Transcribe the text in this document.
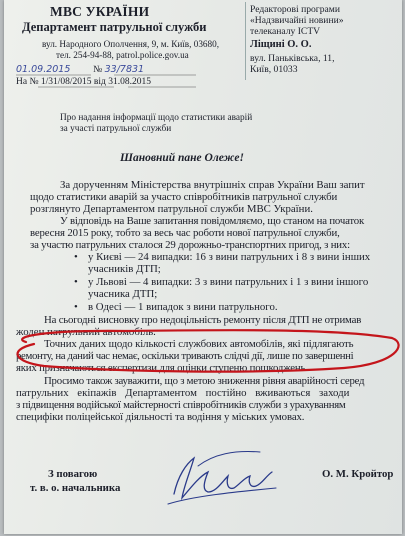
МВС УКРАЇНИ
Департамент патрульної служби
вул. Народного Ополчення, 9, м. Київ, 03680,
тел. 254-94-88, patrol.police.gov.ua
01.09.2015 № 33/7831
На № 1/31/08/2015 від 31.08.2015
Редакторові програми
«Надзвичайні новини»
телеканалу ICTV
Ліщині О. О.
вул. Паньківська, 11,
Київ, 01033
Про надання інформації щодо статистики аварій
за участі патрульної служби
Шановний пане Олеже!
За дорученням Міністерства внутрішніх справ України Ваш запит
щодо статистики аварій за участо співробітників патрульної служби
розглянуто Департаментом патрульної служби МВС України.
У відповідь на Ваше запитання повідомляємо, що станом на початок
вересня 2015 року, тобто за весь час роботи нової патрульної служби,
за участю патрульних сталося 29 дорожньо-транспортних пригод, з них:
• у Києві — 24 випадки: 16 з вини патрульних і 8 з вини інших
учасників ДТП;
• у Львові — 4 випадки: 3 з вини патрульних і 1 з вини іншого
учасника ДТП;
• в Одесі — 1 випадок з вини патрульного.
На сьогодні висновку про недоцільність ремонту після ДТП не отримав
жоден патрульний автомобіль.
Точних даних щодо кількості службових автомобілів, які підлягають
ремонту, на даний час немає, оскільки тривають слідчі дії, лише по завершенні
яких призначаються експертизи для оцінки ступеню пошкоджень.
Просимо також зауважити, що з метою зниження рівня аварійності серед
патрульних екіпажів Департаментом постійно вживаються заходи
з підвищення водійської майстерності співробітників служби з урахуванням
специфіки поліцейської діяльності та водіння у міських умовах.
З повагою
т. в. о. начальника
О. М. Кройтор
